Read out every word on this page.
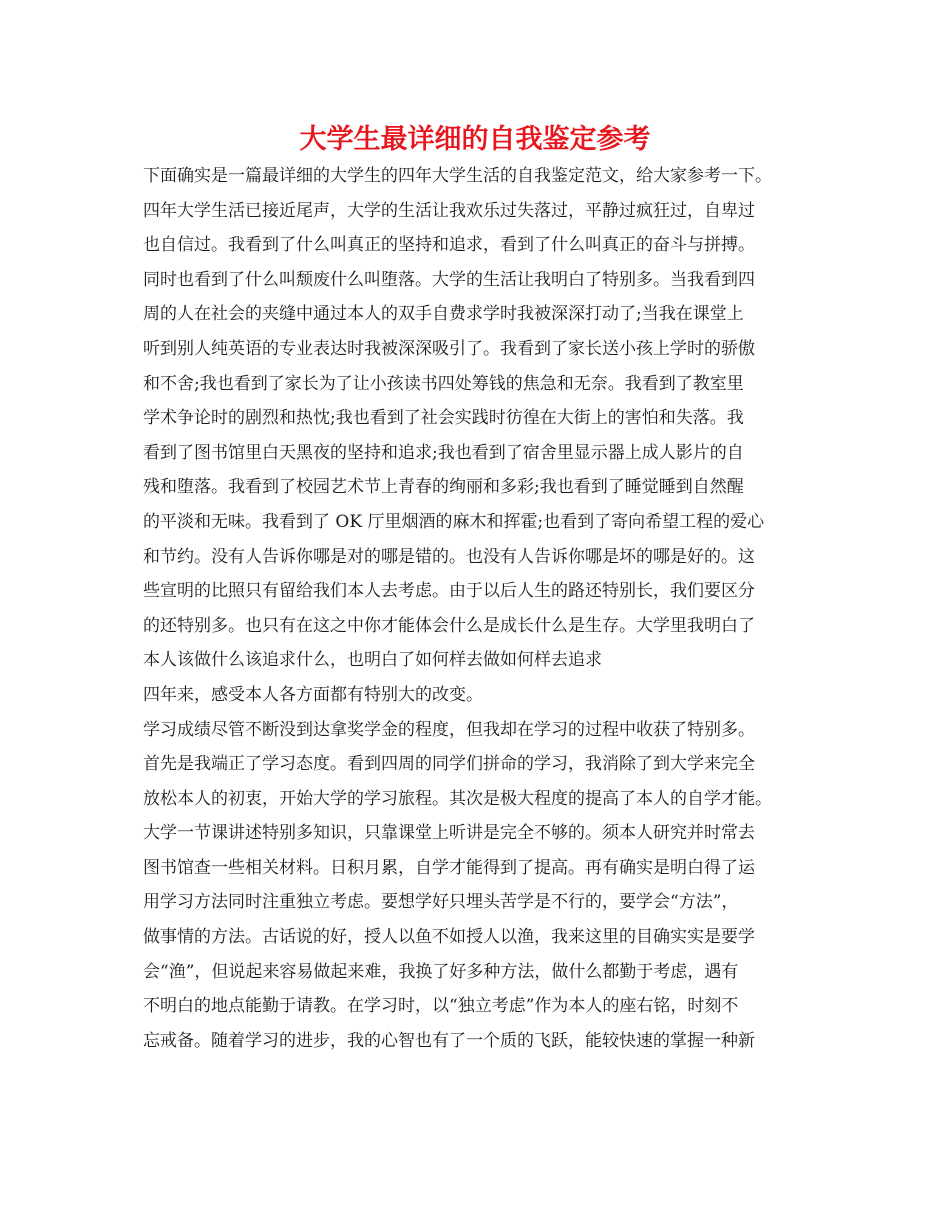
大学生最详细的自我鉴定参考
下面确实是一篇最详细的大学生的四年大学生活的自我鉴定范文，给大家参考一下。
四年大学生活已接近尾声，大学的生活让我欢乐过失落过，平静过疯狂过，自卑过
也自信过。我看到了什么叫真正的坚持和追求，看到了什么叫真正的奋斗与拼搏。
同时也看到了什么叫颓废什么叫堕落。大学的生活让我明白了特别多。当我看到四
周的人在社会的夹缝中通过本人的双手自费求学时我被深深打动了;当我在课堂上
听到别人纯英语的专业表达时我被深深吸引了。我看到了家长送小孩上学时的骄傲
和不舍;我也看到了家长为了让小孩读书四处筹钱的焦急和无奈。我看到了教室里
学术争论时的剧烈和热忱;我也看到了社会实践时彷徨在大街上的害怕和失落。我
看到了图书馆里白天黑夜的坚持和追求;我也看到了宿舍里显示器上成人影片的自
残和堕落。我看到了校园艺术节上青春的绚丽和多彩;我也看到了睡觉睡到自然醒
的平淡和无味。我看到了 OK 厅里烟酒的麻木和挥霍;也看到了寄向希望工程的爱心
和节约。没有人告诉你哪是对的哪是错的。也没有人告诉你哪是坏的哪是好的。这
些宣明的比照只有留给我们本人去考虑。由于以后人生的路还特别长，我们要区分
的还特别多。也只有在这之中你才能体会什么是成长什么是生存。大学里我明白了
本人该做什么该追求什么，也明白了如何样去做如何样去追求
四年来，感受本人各方面都有特别大的改变。
学习成绩尽管不断没到达拿奖学金的程度，但我却在学习的过程中收获了特别多。
首先是我端正了学习态度。看到四周的同学们拼命的学习，我消除了到大学来完全
放松本人的初衷，开始大学的学习旅程。其次是极大程度的提高了本人的自学才能。
大学一节课讲述特别多知识，只靠课堂上听讲是完全不够的。须本人研究并时常去
图书馆查一些相关材料。日积月累，自学才能得到了提高。再有确实是明白得了运
用学习方法同时注重独立考虑。要想学好只埋头苦学是不行的，要学会“方法”，
做事情的方法。古话说的好，授人以鱼不如授人以渔，我来这里的目确实实是要学
会“渔”，但说起来容易做起来难，我换了好多种方法，做什么都勤于考虑，遇有
不明白的地点能勤于请教。在学习时，以“独立考虑”作为本人的座右铭，时刻不
忘戒备。随着学习的进步，我的心智也有了一个质的飞跃，能较快速的掌握一种新
